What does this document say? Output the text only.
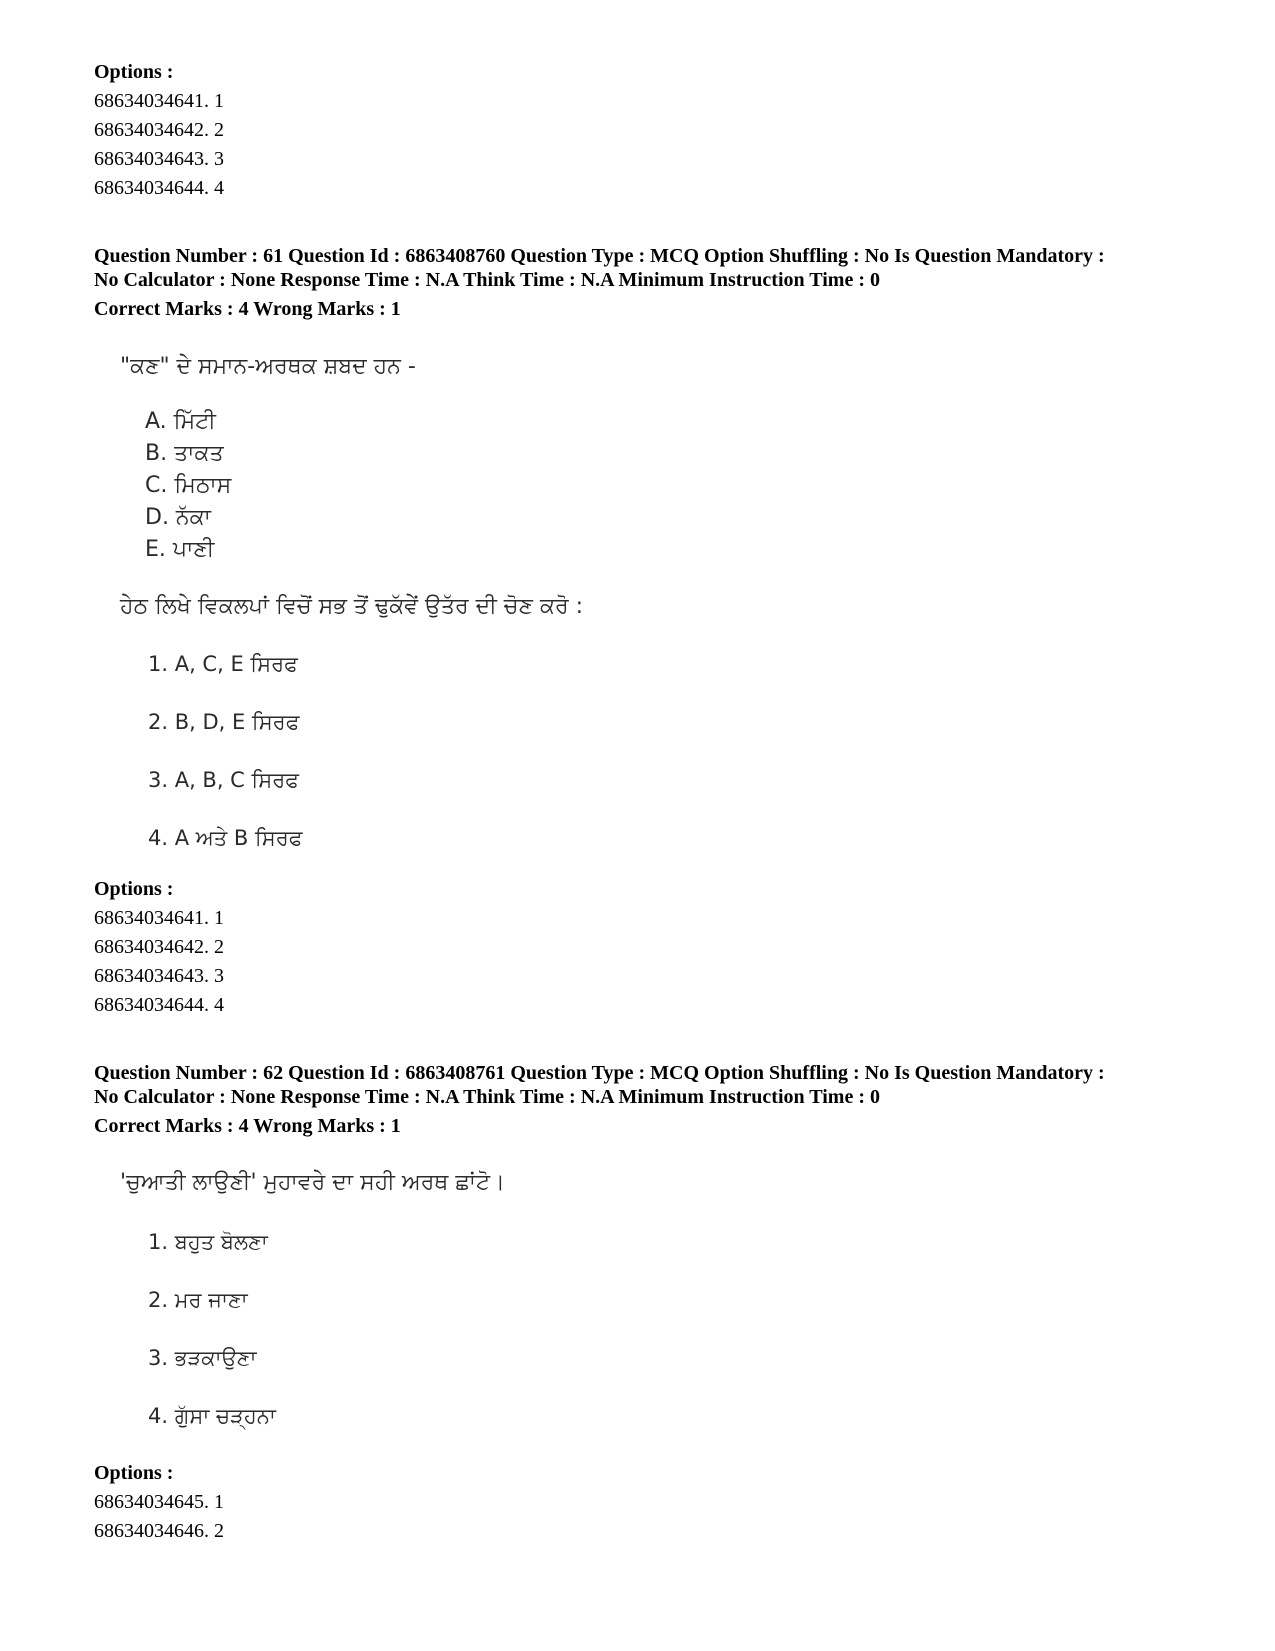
Options :
68634034641. 1
68634034642. 2
68634034643. 3
68634034644. 4
Question Number : 61 Question Id : 6863408760 Question Type : MCQ Option Shuffling : No Is Question Mandatory :
No Calculator : None Response Time : N.A Think Time : N.A Minimum Instruction Time : 0
Correct Marks : 4 Wrong Marks : 1
"ਕਣ" ਦੇ ਸਮਾਨ-ਅਰਥਕ ਸ਼ਬਦ ਹਨ -
A. ਮਿੱਟੀ
B. ਤਾਕਤ
C. ਮਿਠਾਸ
D. ਨੱਕਾ
E. ਪਾਣੀ
ਹੇਠ ਲਿਖੇ ਵਿਕਲਪਾਂ ਵਿਚੋਂ ਸਭ ਤੋਂ ਢੁਕੱਵੇਂ ਉਤੱਰ ਦੀ ਚੋਣ ਕਰੋ :
1. A, C, E ਸਿਰਫ
2. B, D, E ਸਿਰਫ
3. A, B, C ਸਿਰਫ
4. A ਅਤੇ B ਸਿਰਫ
Options :
68634034641. 1
68634034642. 2
68634034643. 3
68634034644. 4
Question Number : 62 Question Id : 6863408761 Question Type : MCQ Option Shuffling : No Is Question Mandatory :
No Calculator : None Response Time : N.A Think Time : N.A Minimum Instruction Time : 0
Correct Marks : 4 Wrong Marks : 1
'ਚੁਆਤੀ ਲਾਉਣੀ' ਮੁਹਾਵਰੇ ਦਾ ਸਹੀ ਅਰਥ ਛਾਂਟੋ।
1. ਬਹੁਤ ਬੋਲਣਾ
2. ਮਰ ਜਾਣਾ
3. ਭੜਕਾਉਣਾ
4. ਗੁੱਸਾ ਚੜ੍ਹਨਾ
Options :
68634034645. 1
68634034646. 2
